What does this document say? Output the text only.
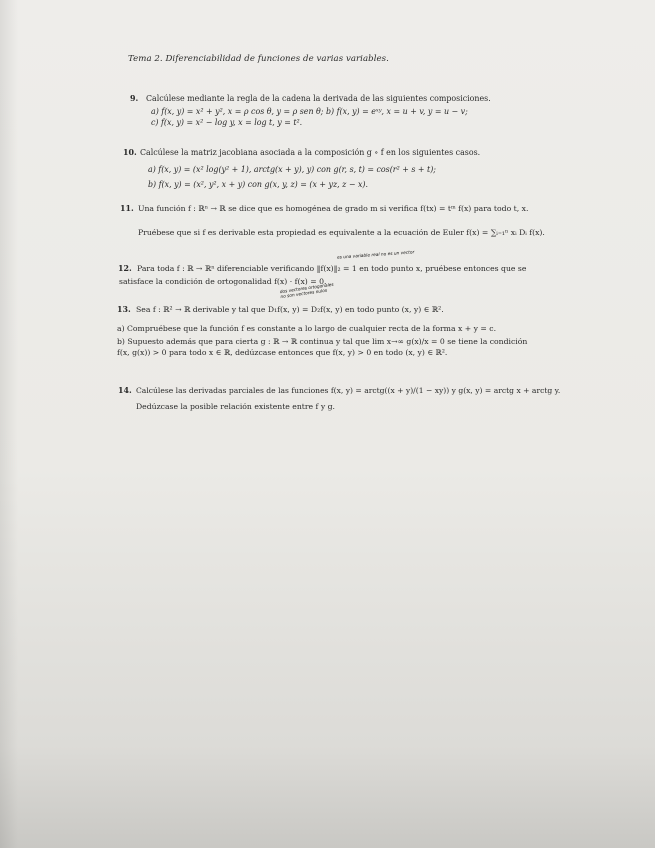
Tema 2. Diferenciabilidad de funciones de varias variables.
9. Calcúlese mediante la regla de la cadena la derivada de las siguientes composiciones.
a) f(x, y) = x² + y², x = ρ cos θ, y = ρ sen θ; b) f(x, y) = eˣʸ, x = u + v, y = u − v;
c) f(x, y) = x² − log y, x = log t, y = t².
10. Calcúlese la matriz jacobiana asociada a la composición g ∘ f en los siguientes casos.
a) f(x, y) = (x² log(y² + 1), arctg(x + y), y) con g(r, s, t) = cos(r² + s + t);
b) f(x, y) = (x², y², x + y) con g(x, y, z) = (x + yz, z − x).
11. Una función f : ℝⁿ → ℝ se dice que es homogénea de grado m si verifica f(tx) = tᵐ f(x) para todo t, x.
Pruébese que si f es derivable esta propiedad es equivalente a la ecuación de Euler f(x) = ∑ᵢ₌₁ⁿ xᵢ Dᵢ f(x).
12. Para toda f : ℝ → ℝⁿ diferenciable verificando ‖f(x)‖₂ = 1 en todo punto x, pruébese entonces que se
satisface la condición de ortogonalidad f(x) · f(x) = 0.
es una variable real no es un vector
dos vectores ortogonales no son vectores nulos
13. Sea f : ℝ² → ℝ derivable y tal que D₁f(x, y) = D₂f(x, y) en todo punto (x, y) ∈ ℝ².
a) Compruébese que la función f es constante a lo largo de cualquier recta de la forma x + y = c.
b) Supuesto además que para cierta g : ℝ → ℝ continua y tal que lim x→∞ g(x)/x = 0 se tiene la condición
f(x, g(x)) > 0 para todo x ∈ ℝ, dedúzcase entonces que f(x, y) > 0 en todo (x, y) ∈ ℝ².
14. Calcúlese las derivadas parciales de las funciones f(x, y) = arctg((x + y)/(1 − xy)) y g(x, y) = arctg x + arctg y.
Dedúzcase la posible relación existente entre f y g.
